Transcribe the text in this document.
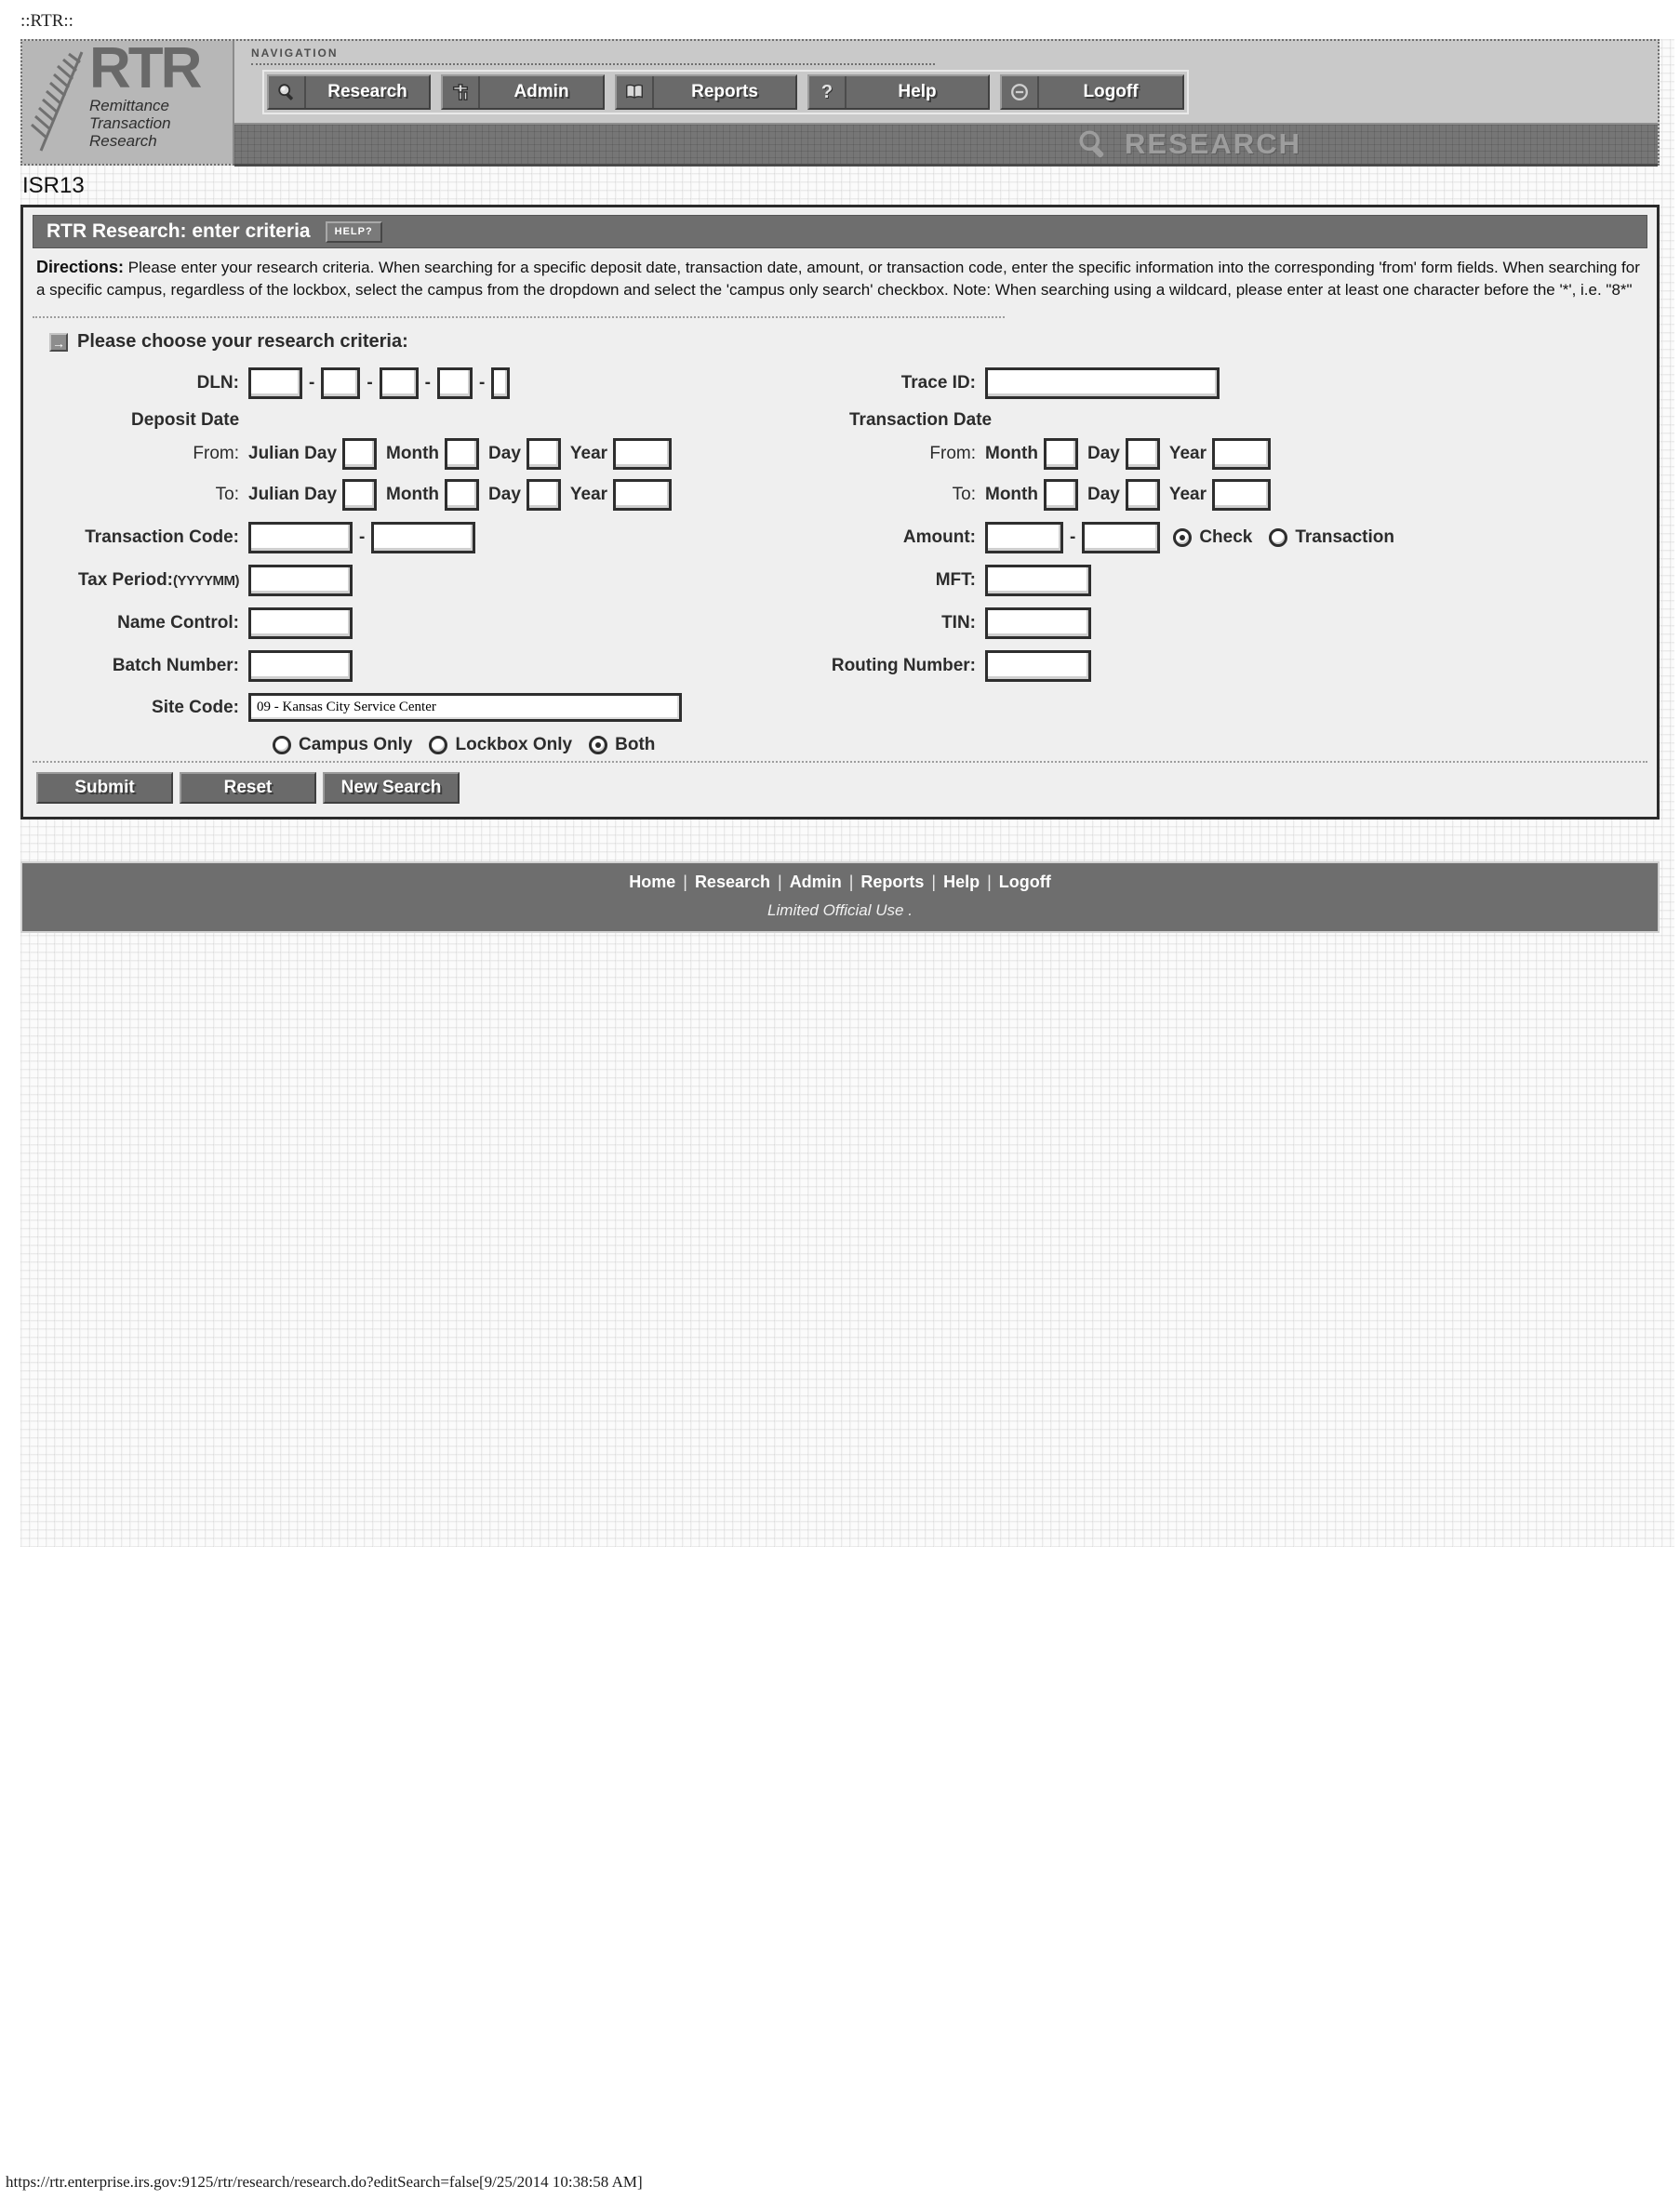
::RTR::
RTR
Remittance
Transaction
Research
NAVIGATION
Research	Admin	Reports	?	Help	Logoff
RESEARCH
ISR13
RTR Research: enter criteria	HELP?

Directions: Please enter your research criteria. When searching for a specific deposit date, transaction date, amount, or transaction code, enter the specific information into the corresponding 'from' form fields. When searching for a specific campus, regardless of the lockbox, select the campus from the dropdown and select the 'campus only search' checkbox. Note: When searching using a wildcard, please enter at least one character before the '*', i.e. "8*"

→ Please choose your research criteria:
DLN:	-	-	-	-	Trace ID:
Deposit Date	Transaction Date
From: Julian Day	Month	Day	Year	From: Month	Day	Year
To: Julian Day	Month	Day	Year	To: Month	Day	Year
Transaction Code:	-	Amount:	-	Check Transaction
Tax Period:(YYYYMM)	MFT:
Name Control:	TIN:
Batch Number:	Routing Number:
Site Code:
09 - Kansas City Service Center
Campus Only Lockbox Only Both
Submit	Reset	New Search
Home | Research | Admin | Reports | Help | Logoff
Limited Official Use .
https://rtr.enterprise.irs.gov:9125/rtr/research/research.do?editSearch=false[9/25/2014 10:38:58 AM]
